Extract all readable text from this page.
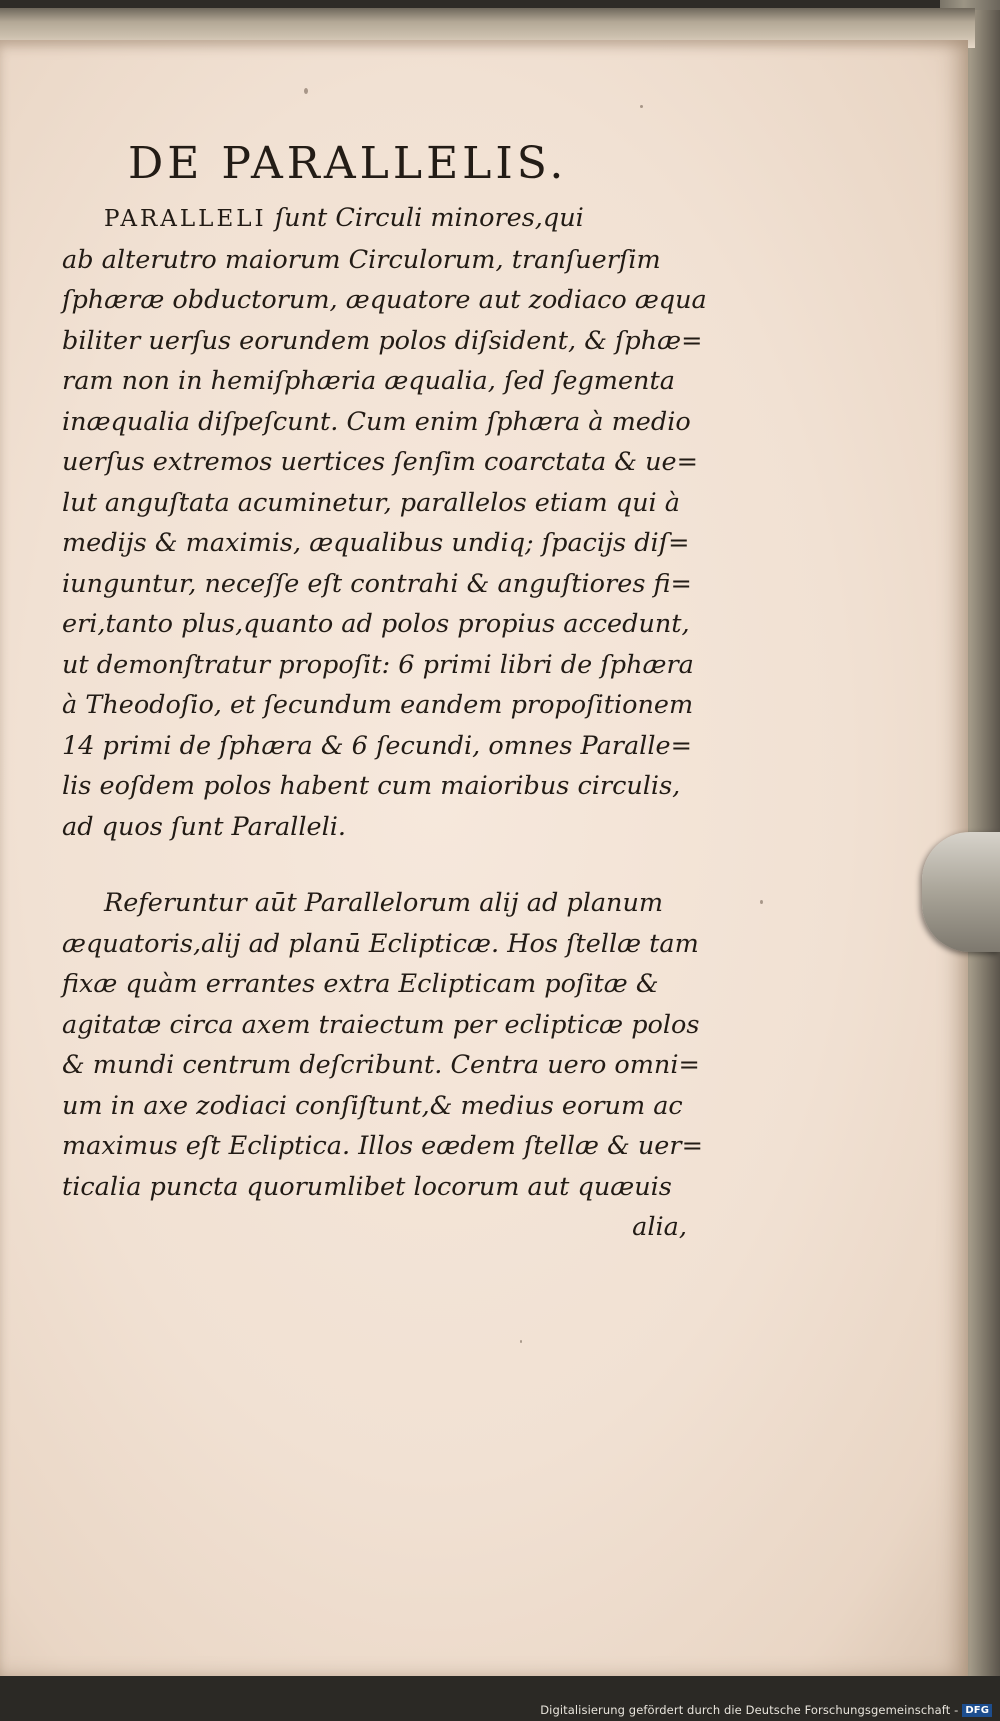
DE PARALLELIS.
PARALLELI ſunt Circuli minores,qui
ab alterutro maiorum Circulorum, tranſuerſim
ſphæræ obductorum, æquatore aut zodiaco æqua
biliter uerſus eorundem polos diſsident, & ſphæ=
ram non in hemiſphæria æqualia, ſed ſegmenta
inæqualia diſpeſcunt. Cum enim ſphæra à medio
uerſus extremos uertices ſenſim coarctata & ue=
lut anguſtata acuminetur, parallelos etiam qui à
medijs & maximis, æqualibus undiq; ſpacijs diſ=
iunguntur, neceſſe eſt contrahi & anguſtiores fi=
eri,tanto plus,quanto ad polos propius accedunt,
ut demonſtratur propoſit: 6 primi libri de ſphæra
à Theodoſio, et ſecundum eandem propoſitionem
14 primi de ſphæra & 6 ſecundi, omnes Paralle=
lis eoſdem polos habent cum maioribus circulis,
ad quos ſunt Paralleli.
Referuntur aūt Parallelorum alij ad planum
æquatoris,alij ad planū Eclipticæ. Hos ſtellæ tam
fixæ quàm errantes extra Eclipticam poſitæ &
agitatæ circa axem traiectum per eclipticæ polos
& mundi centrum deſcribunt. Centra uero omni=
um in axe zodiaci conſiſtunt,& medius eorum ac
maximus eſt Ecliptica. Illos eædem ſtellæ & uer=
ticalia puncta quorumlibet locorum aut quæuis
alia,
Digitalisierung gefördert durch die Deutsche Forschungsgemeinschaft - DFG
